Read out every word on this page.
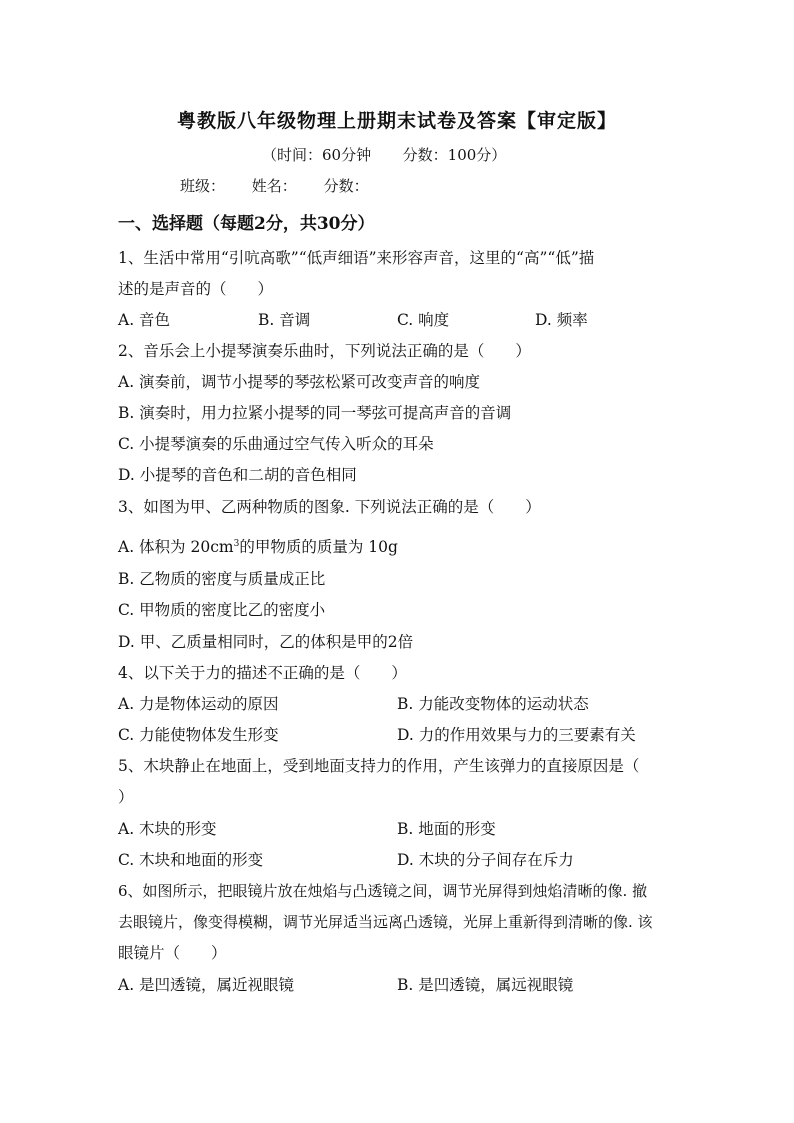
粤教版八年级物理上册期末试卷及答案【审定版】
（时间：60分钟 分数：100分）
班级： 姓名： 分数：
一、选择题（每题2分，共30分）
1、生活中常用“引吭高歌”“低声细语”来形容声音，这里的“高”“低”描
述的是声音的（　　）
A. 音色	B. 音调	C. 响度	D. 频率
2、音乐会上小提琴演奏乐曲时，下列说法正确的是（　　）
A. 演奏前，调节小提琴的琴弦松紧可改变声音的响度
B. 演奏时，用力拉紧小提琴的同一琴弦可提高声音的音调
C. 小提琴演奏的乐曲通过空气传入听众的耳朵
D. 小提琴的音色和二胡的音色相同
3、如图为甲、乙两种物质的图象. 下列说法正确的是（　　）
A. 体积为 $20cm^3$的甲物质的质量为 10g
B. 乙物质的密度与质量成正比
C. 甲物质的密度比乙的密度小
D. 甲、乙质量相同时，乙的体积是甲的2倍
4、以下关于力的描述不正确的是（　　）
A. 力是物体运动的原因	B. 力能改变物体的运动状态
C. 力能使物体发生形变	D. 力的作用效果与力的三要素有关
5、木块静止在地面上，受到地面支持力的作用，产生该弹力的直接原因是（
）
A. 木块的形变	B. 地面的形变
C. 木块和地面的形变	D. 木块的分子间存在斥力
6、如图所示，把眼镜片放在烛焰与凸透镜之间，调节光屏得到烛焰清晰的像. 撤
去眼镜片，像变得模糊，调节光屏适当远离凸透镜，光屏上重新得到清晰的像. 该
眼镜片（　　）
A. 是凹透镜，属近视眼镜	B. 是凹透镜，属远视眼镜
